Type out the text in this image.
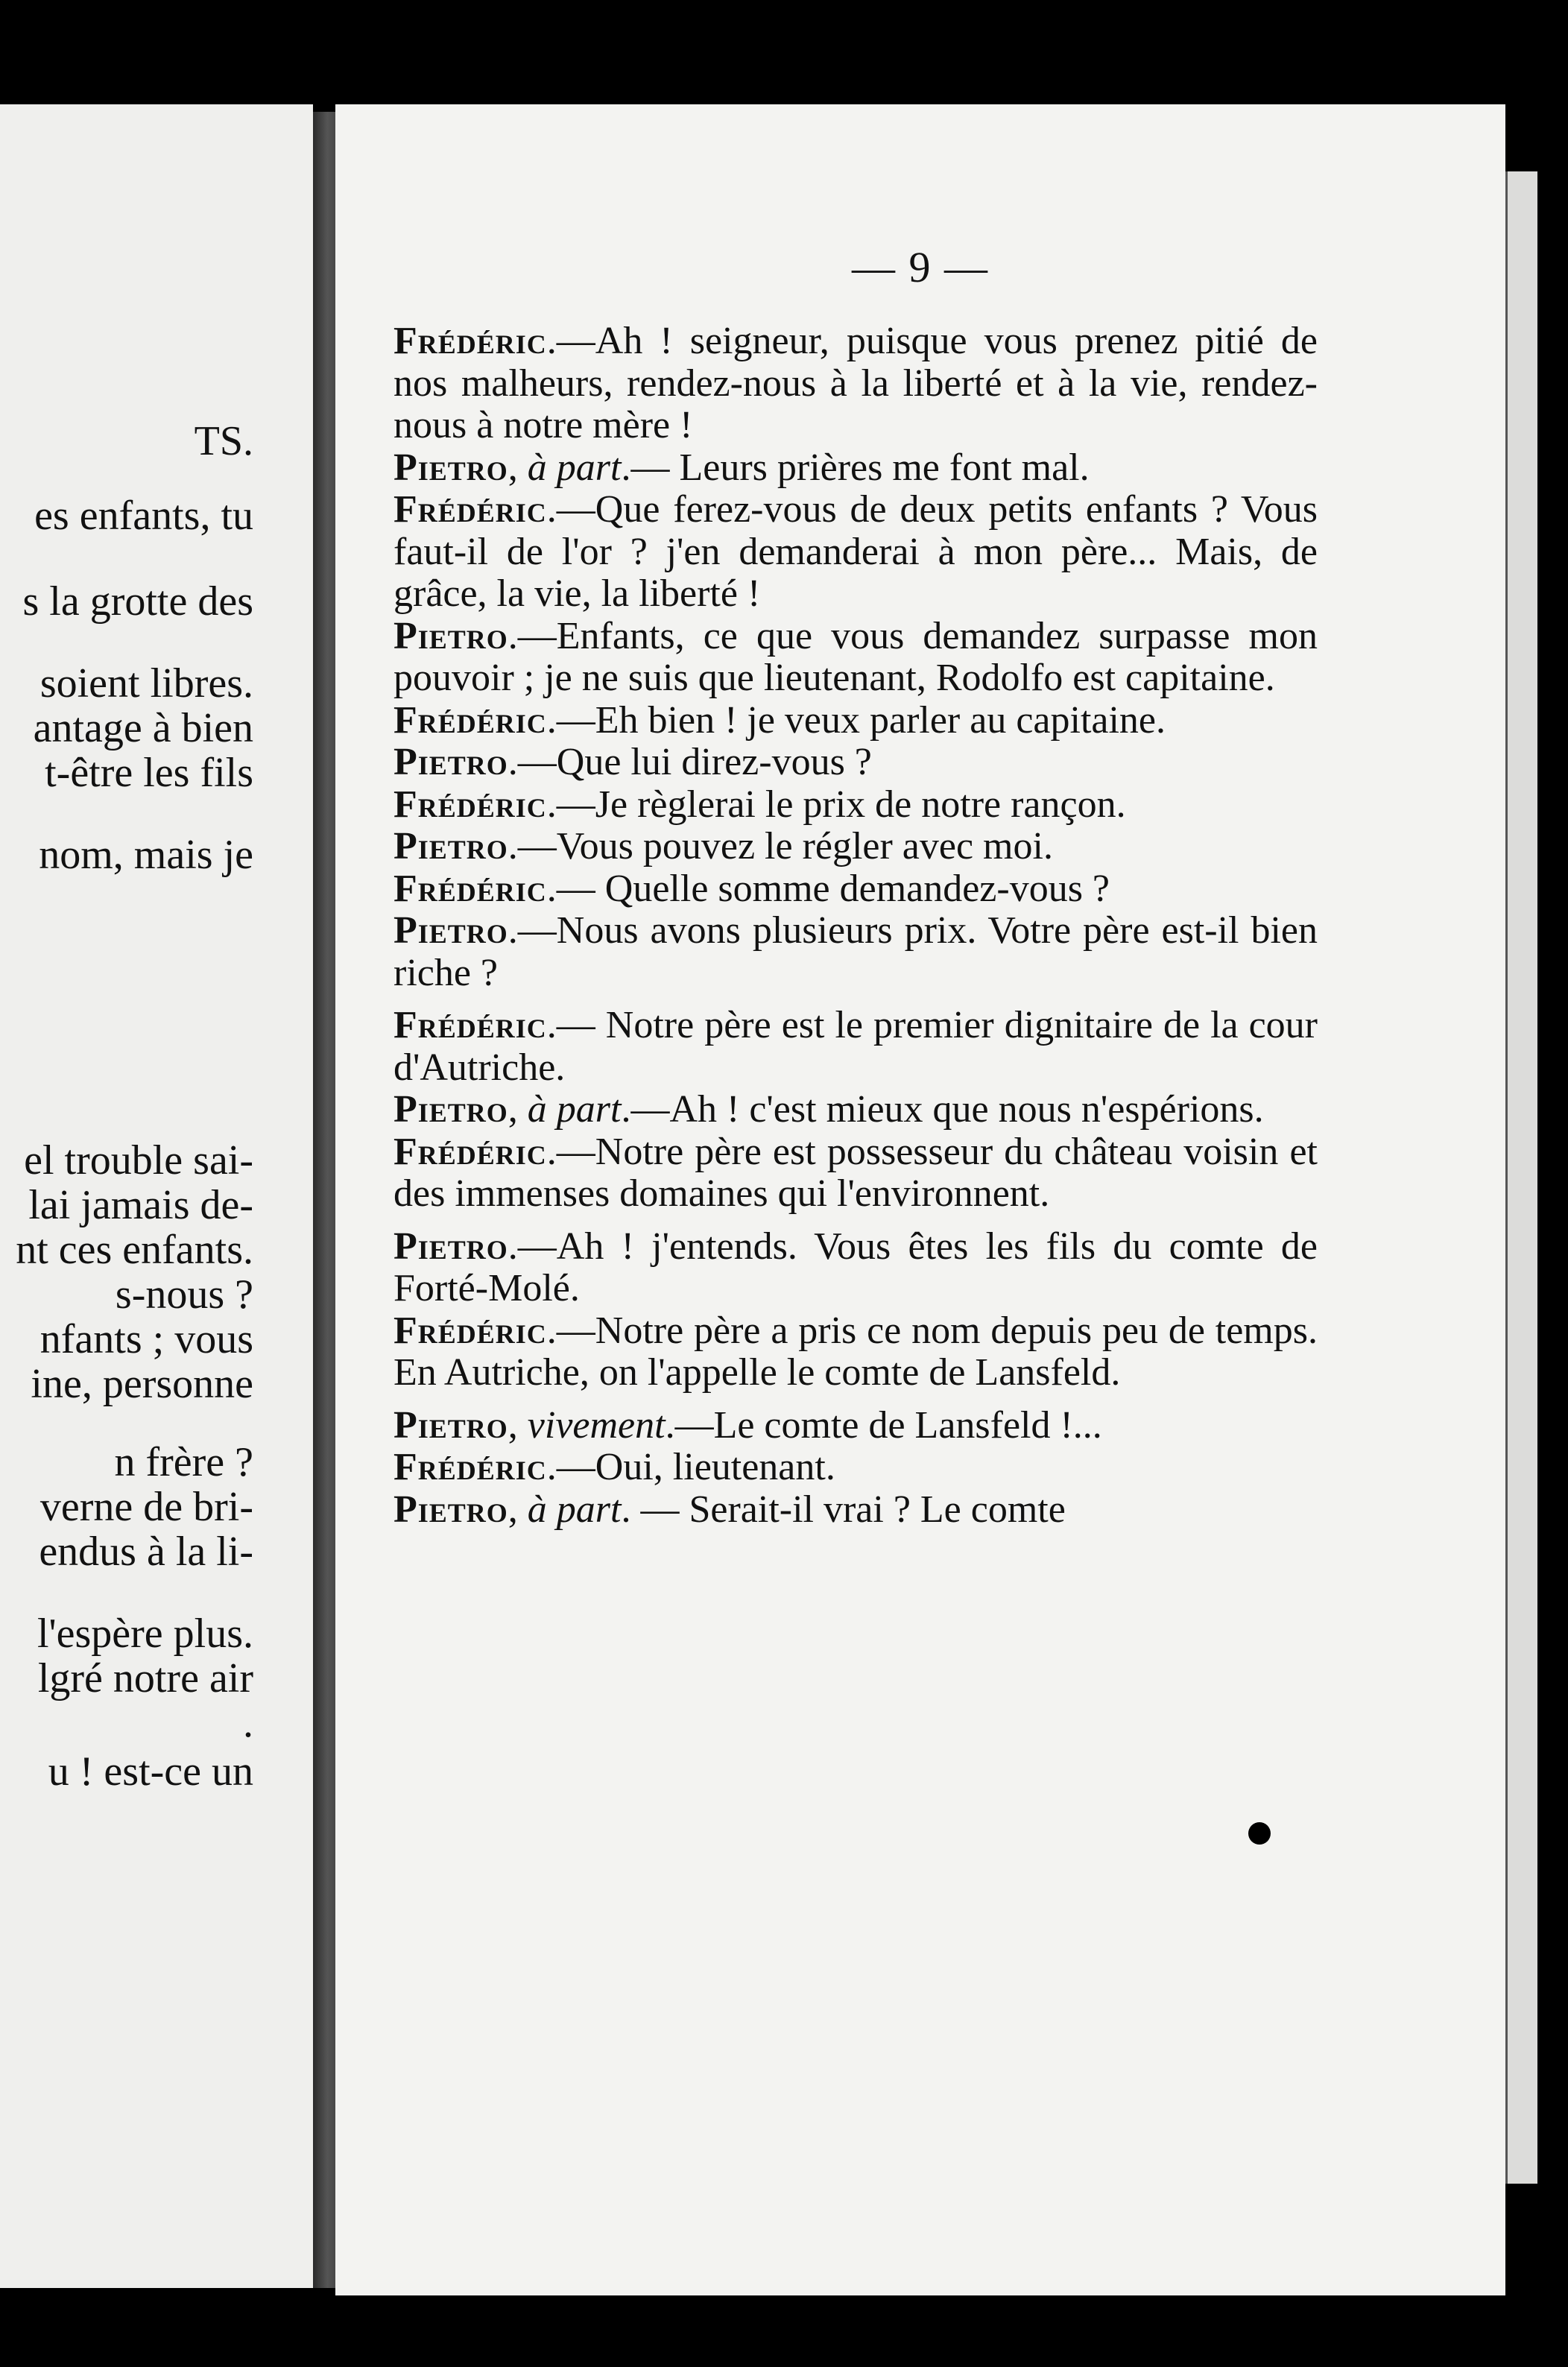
TS.
es enfants, tu
s la grotte des
soient libres.
antage à bien
t-être les fils
nom, mais je
el trouble sai-
lai jamais de-
nt ces enfants.
s-nous ?
nfants ; vous
ine, personne
n frère ?
verne de bri-
endus à la li-
l'espère plus.
lgré notre air
.
u ! est-ce un
— 9 —

Frédéric.—Ah ! seigneur, puisque vous prenez pitié de nos malheurs, rendez-nous à la liberté et à la vie, rendez-nous à notre mère !

Pietro, à part.— Leurs prières me font mal.

Frédéric.—Que ferez-vous de deux petits enfants ? Vous faut-il de l'or ? j'en demanderai à mon père... Mais, de grâce, la vie, la liberté !

Pietro.—Enfants, ce que vous demandez surpasse mon pouvoir ; je ne suis que lieutenant, Rodolfo est capitaine.

Frédéric.—Eh bien ! je veux parler au capitaine.

Pietro.—Que lui direz-vous ?

Frédéric.—Je règlerai le prix de notre rançon.

Pietro.—Vous pouvez le régler avec moi.

Frédéric.— Quelle somme demandez-vous ?

Pietro.—Nous avons plusieurs prix. Votre père est-il bien riche ?

Frédéric.— Notre père est le premier dignitaire de la cour d'Autriche.

Pietro, à part.—Ah ! c'est mieux que nous n'espérions.

Frédéric.—Notre père est possesseur du château voisin et des immenses domaines qui l'environnent.

Pietro.—Ah ! j'entends. Vous êtes les fils du comte de Forté-Molé.

Frédéric.—Notre père a pris ce nom depuis peu de temps. En Autriche, on l'appelle le comte de Lansfeld.

Pietro, vivement.—Le comte de Lansfeld !...

Frédéric.—Oui, lieutenant.

Pietro, à part. — Serait-il vrai ? Le comte
